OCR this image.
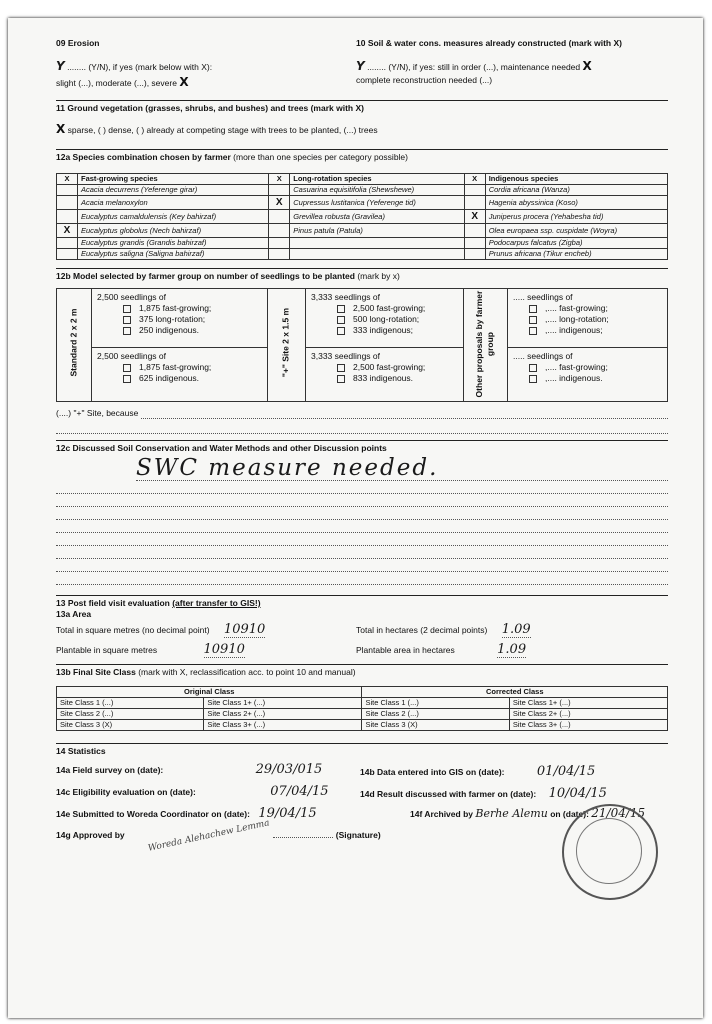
09 Erosion
Y ........ (Y/N), if yes (mark below with X):
slight (...), moderate (...), severe X
10 Soil & water cons. measures already constructed (mark with X)
Y ........ (Y/N), if yes: still in order (...), maintenance needed X
complete reconstruction needed (...)
11 Ground vegetation (grasses, shrubs, and bushes) and trees (mark with X)
X sparse, ( ) dense, ( ) already at competing stage with trees to be planted, (...) trees
12a Species combination chosen by farmer (more than one species per category possible)
X	Fast-growing species	X	Long-rotation species	X	Indigenous species
	Acacia decurrens (Yeferenge girar)		Casuarina equisitifolia (Shewshewe)		Cordia africana (Wanza)
	Acacia melanoxylon	X	Cupressus lustitanica (Yeferenge tid)		Hagenia abyssinica (Koso)
	Eucalyptus camaldulensis (Key bahirzaf)		Grevillea robusta (Gravilea)	X	Juniperus procera (Yehabesha tid)
X	Eucalyptus globolus (Nech bahirzaf)		Pinus patula (Patula)		Olea europaea ssp. cuspidate (Woyra)
	Eucalyptus grandis (Grandis bahirzaf)				Podocarpus falcatus (Zigba)
	Eucalyptus saligna (Saligna bahirzaf)				Prunus africana (Tikur encheb)
12b Model selected by farmer group on number of seedlings to be planted (mark by x)
Standard 2 x 2 m
2,500 seedlings of
1,875 fast-growing;
375 long-rotation;
250 indigenous.
2,500 seedlings of
1,875 fast-growing;
625 indigenous.
"+" Site 2 x 1.5 m
3,333 seedlings of
2,500 fast-growing;
500 long-rotation;
333 indigenous;
3,333 seedlings of
2,500 fast-growing;
833 indigenous.	Other proposals by farmer group
..... seedlings of
,.... fast-growing;
,.... long-rotation;
,.... indigenous;
..... seedlings of
,.... fast-growing;
,.... indigenous.
(....) "+" Site, because
12c Discussed Soil Conservation and Water Methods and other Discussion points
SWC measure needed.
13 Post field visit evaluation (after transfer to GIS!)
13a Area
Total in square metres (no decimal point) 10910	Total in hectares (2 decimal points) 1.09
Plantable in square metres	10910	Plantable area in hectares	1.09
13b Final Site Class (mark with X, reclassification acc. to point 10 and manual)
Original Class		Corrected Class	
Site Class 1 (...)	Site Class 1+ (...)	Site Class 1 (...)	Site Class 1+ (...)
Site Class 2 (...)	Site Class 2+ (...)	Site Class 2 (...)	Site Class 2+ (...)
Site Class 3 (X)	Site Class 3+ (...)	Site Class 3 (X)	Site Class 3+ (...)
14 Statistics
14a Field survey on (date):	29/03/015	14b Data entered into GIS on (date): 01/04/15
14c Eligibility evaluation on (date):	07/04/15	14d Result discussed with farmer on (date): 10/04/15
14e Submitted to Woreda Coordinator on (date): 19/04/15	14f Archived by Berhe Alemu on (date): 21/04/15
14g Approved by	Woreda Alehachew Lemma	(Signature)
